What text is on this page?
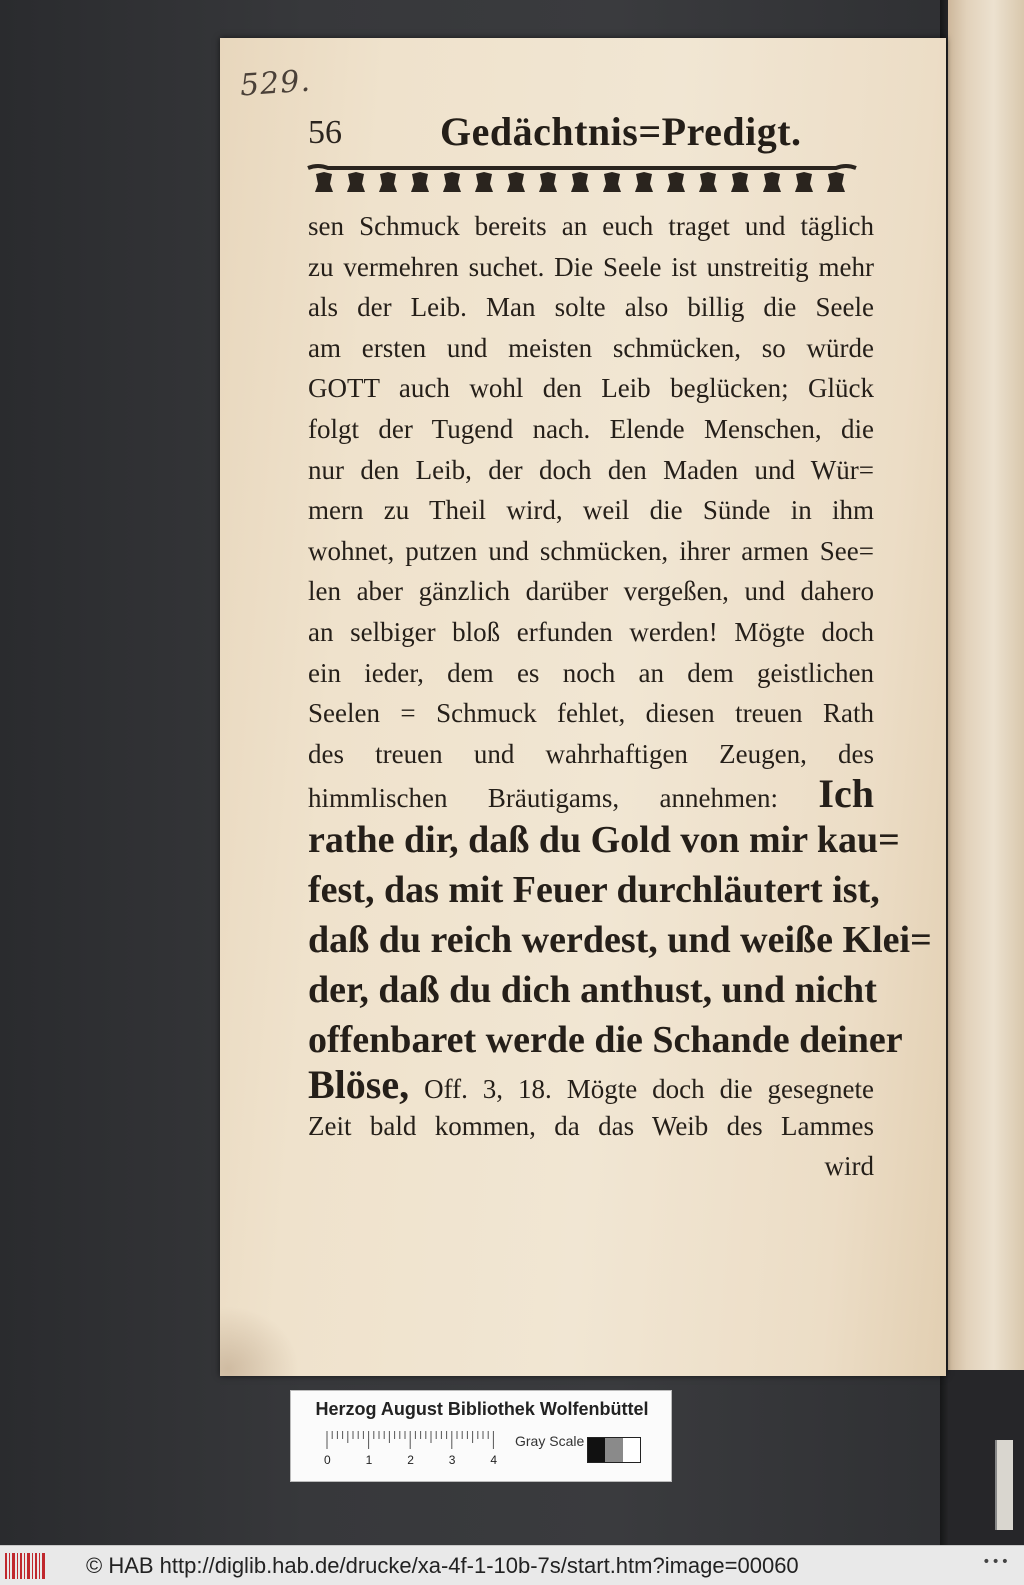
529.
56 Gedächtnis=Predigt.
sen Schmuck bereits an euch traget und täglich
zu vermehren suchet. Die Seele ist unstreitig mehr
als der Leib. Man solte also billig die Seele
am ersten und meisten schmücken, so würde
GOTT auch wohl den Leib beglücken; Glück
folgt der Tugend nach. Elende Menschen, die
nur den Leib, der doch den Maden und Wür=
mern zu Theil wird, weil die Sünde in ihm
wohnet, putzen und schmücken, ihrer armen See=
len aber gänzlich darüber vergeßen, und dahero
an selbiger bloß erfunden werden! Mögte doch
ein ieder, dem es noch an dem geistlichen
Seelen = Schmuck fehlet, diesen treuen Rath
des treuen und wahrhaftigen Zeugen, des
himmlischen Bräutigams, annehmen: Ich
rathe dir, daß du Gold von mir kau=
fest, das mit Feuer durchläutert ist,
daß du reich werdest, und weiße Klei=
der, daß du dich anthust, und nicht
offenbaret werde die Schande deiner
Blöse, Off. 3, 18. Mögte doch die gesegnete
Zeit bald kommen, da das Weib des Lammes
wird
Herzog August Bibliothek Wolfenbüttel
0	1	2	3	4
Gray Scale
© HAB http://diglib.hab.de/drucke/xa-4f-1-10b-7s/start.htm?image=00060	•••
